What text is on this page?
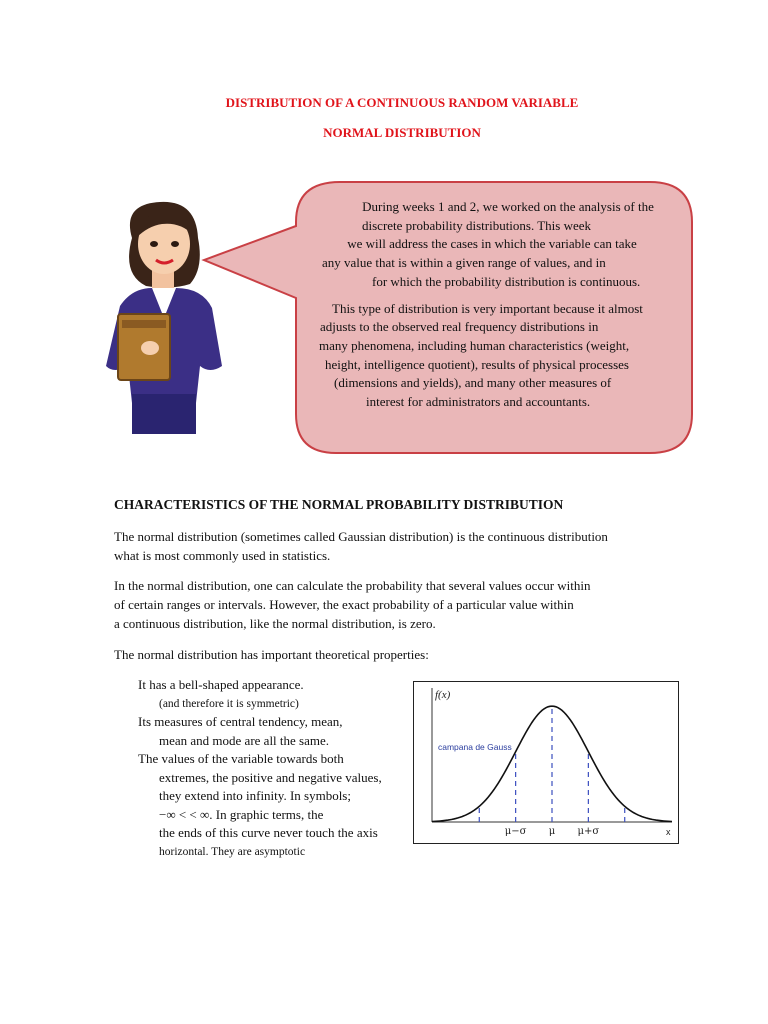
DISTRIBUTION OF A CONTINUOUS RANDOM VARIABLE
NORMAL DISTRIBUTION

During weeks 1 and 2, we worked on the analysis of the
discrete probability distributions. This week
we will address the cases in which the variable can take
any value that is within a given range of values, and in
for which the probability distribution is continuous.

This type of distribution is very important because it almost
adjusts to the observed real frequency distributions in
many phenomena, including human characteristics (weight,
height, intelligence quotient), results of physical processes
(dimensions and yields), and many other measures of
interest for administrators and accountants.

CHARACTERISTICS OF THE NORMAL PROBABILITY DISTRIBUTION
The normal distribution (sometimes called Gaussian distribution) is the continuous distribution
what is most commonly used in statistics.
In the normal distribution, one can calculate the probability that several values occur within
of certain ranges or intervals. However, the exact probability of a particular value within
a continuous distribution, like the normal distribution, is zero.
The normal distribution has important theoretical properties:
It has a bell-shaped appearance.
(and therefore it is symmetric)
Its measures of central tendency, mean,
mean and mode are all the same.
The values of the variable towards both
extremes, the positive and negative values,
they extend into infinity. In symbols;
−∞ < < ∞. In graphic terms, the
the ends of this curve never touch the axis
horizontal. They are asymptotic
f(x)
x
campana de Gauss
μ−σ μ μ+σ
